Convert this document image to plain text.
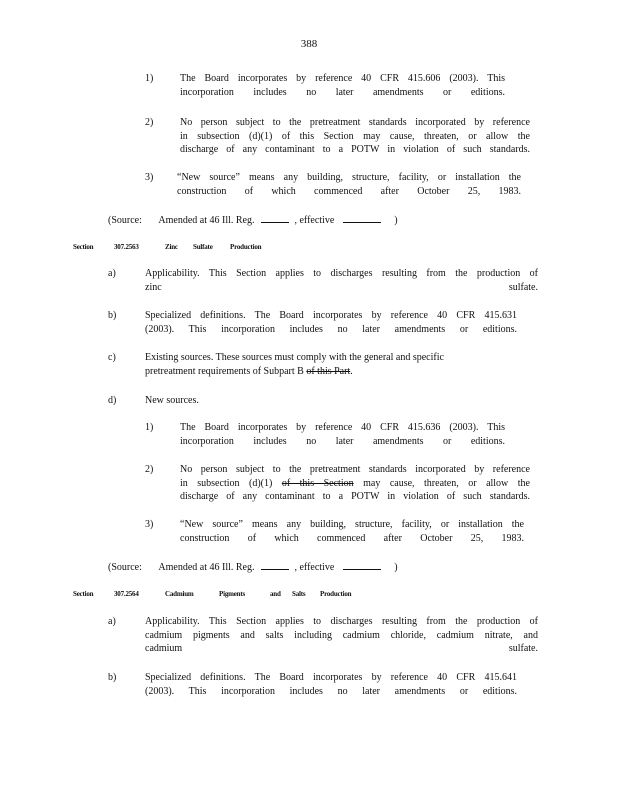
388
1)	The Board incorporates by reference 40 CFR 415.606 (2003). This
incorporation includes no later amendments or editions.
2)	No person subject to the pretreatment standards incorporated by reference
in subsection (d)(1) of this Section may cause, threaten, or allow the
discharge of any contaminant to a POTW in violation of such standards.
3) “New source” means any building, structure, facility, or installation the
construction of which commenced after October 25, 1983.
(Source: Amended at 46 Ill. Reg.	, effective	)
Section	307.2563	Zinc Sulfate Production
a)	Applicability. This Section applies to discharges resulting from the production of
zinc sulfate.
b)	Specialized definitions. The Board incorporates by reference 40 CFR 415.631
(2003). This incorporation includes no later amendments or editions.
c)	Existing sources. These sources must comply with the general and specific
pretreatment requirements of Subpart B of this Part.
d)	New sources.
1)	The Board incorporates by reference 40 CFR 415.636 (2003). This
incorporation includes no later amendments or editions.
2)	No person subject to the pretreatment standards incorporated by reference
in subsection (d)(1) of this Section may cause, threaten, or allow the
discharge of any contaminant to a POTW in violation of such standards.
3)	“New source” means any building, structure, facility, or installation the
construction of which commenced after October 25, 1983.
(Source: Amended at 46 Ill. Reg.	, effective	)
Section	307.2564	Cadmium	Pigments	and Salts Production
a)	Applicability. This Section applies to discharges resulting from the production of
cadmium pigments and salts including cadmium chloride, cadmium nitrate, and
cadmium sulfate.
b)	Specialized definitions. The Board incorporates by reference 40 CFR 415.641
(2003). This incorporation includes no later amendments or editions.
